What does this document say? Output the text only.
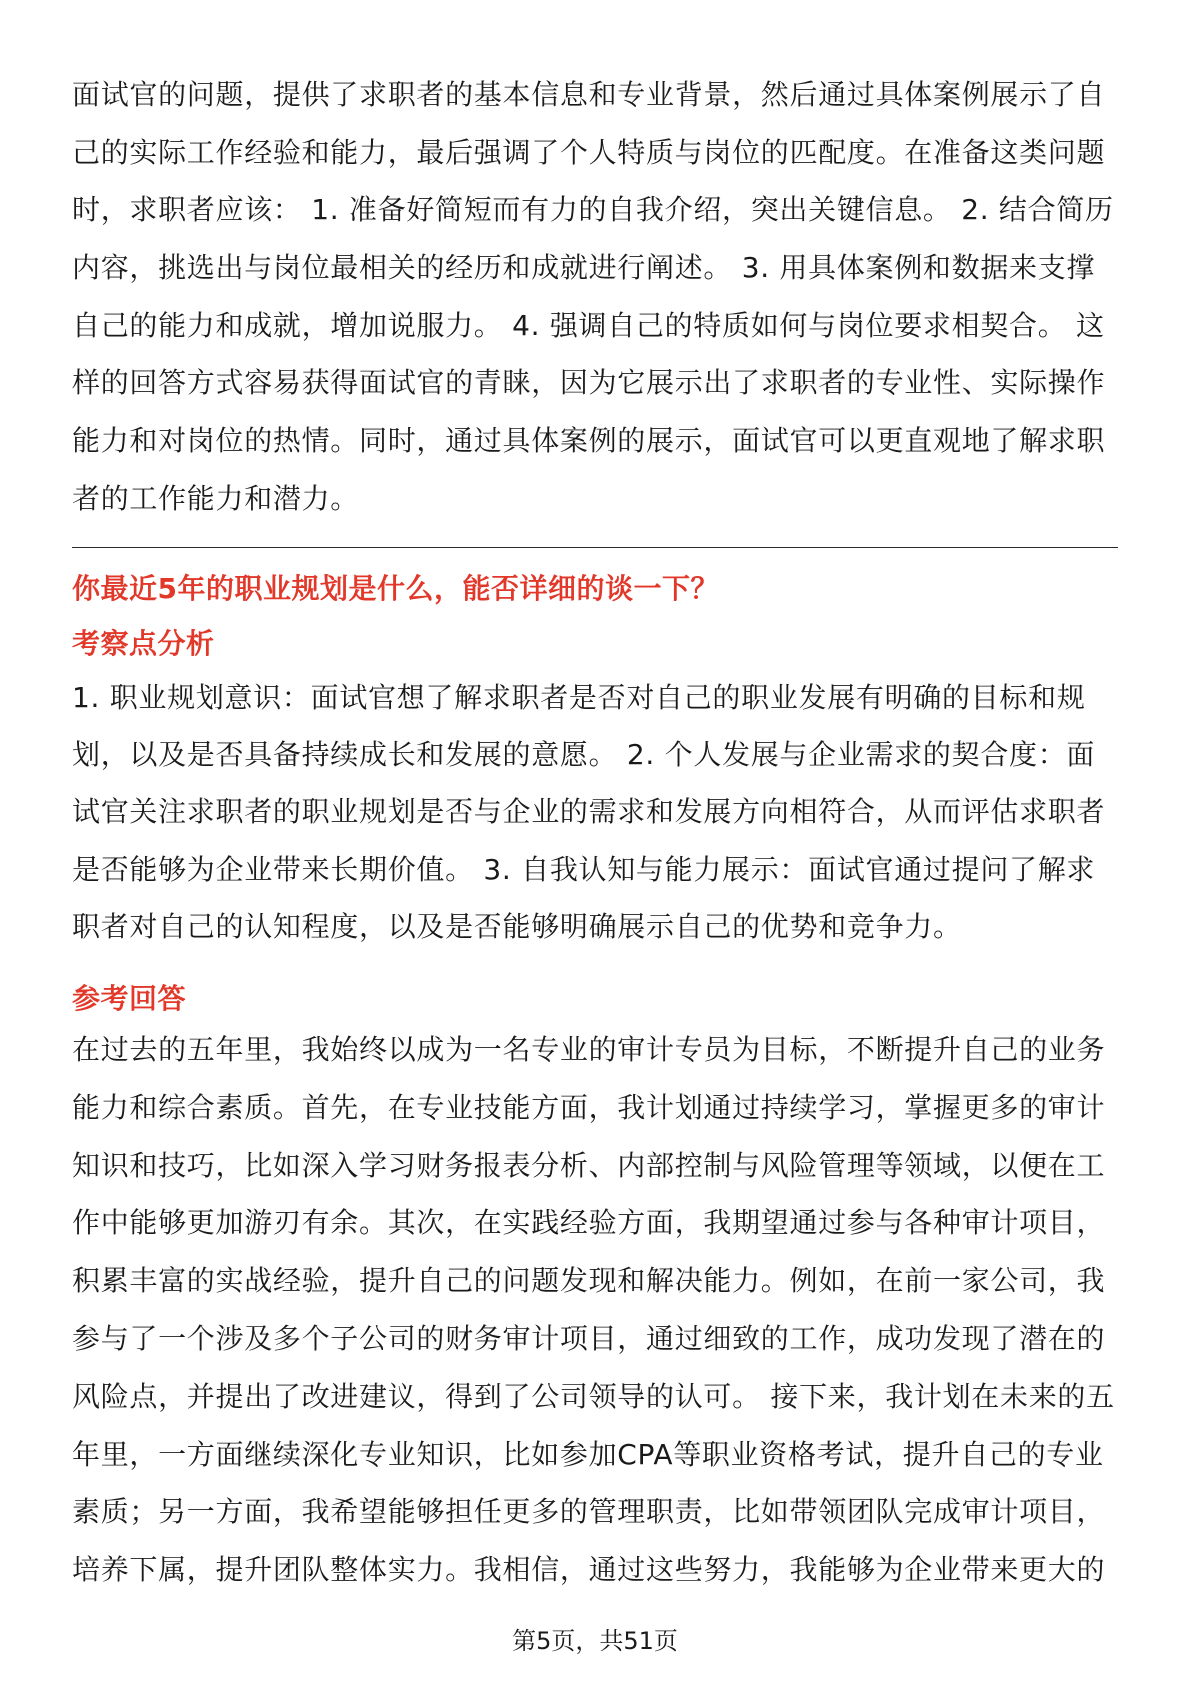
面试官的问题，提供了求职者的基本信息和专业背景，然后通过具体案例展示了自
己的实际工作经验和能力，最后强调了个人特质与岗位的匹配度。在准备这类问题
时，求职者应该： 1. 准备好简短而有力的自我介绍，突出关键信息。 2. 结合简历
内容，挑选出与岗位最相关的经历和成就进行阐述。 3. 用具体案例和数据来支撑
自己的能力和成就，增加说服力。 4. 强调自己的特质如何与岗位要求相契合。 这
样的回答方式容易获得面试官的青睐，因为它展示出了求职者的专业性、实际操作
能力和对岗位的热情。同时，通过具体案例的展示，面试官可以更直观地了解求职
者的工作能力和潜力。
你最近5年的职业规划是什么，能否详细的谈一下？
考察点分析
1. 职业规划意识：面试官想了解求职者是否对自己的职业发展有明确的目标和规
划，以及是否具备持续成长和发展的意愿。 2. 个人发展与企业需求的契合度：面
试官关注求职者的职业规划是否与企业的需求和发展方向相符合，从而评估求职者
是否能够为企业带来长期价值。 3. 自我认知与能力展示：面试官通过提问了解求
职者对自己的认知程度，以及是否能够明确展示自己的优势和竞争力。
参考回答
在过去的五年里，我始终以成为一名专业的审计专员为目标，不断提升自己的业务
能力和综合素质。首先，在专业技能方面，我计划通过持续学习，掌握更多的审计
知识和技巧，比如深入学习财务报表分析、内部控制与风险管理等领域，以便在工
作中能够更加游刃有余。其次，在实践经验方面，我期望通过参与各种审计项目，
积累丰富的实战经验，提升自己的问题发现和解决能力。例如，在前一家公司，我
参与了一个涉及多个子公司的财务审计项目，通过细致的工作，成功发现了潜在的
风险点，并提出了改进建议，得到了公司领导的认可。 接下来，我计划在未来的五
年里，一方面继续深化专业知识，比如参加CPA等职业资格考试，提升自己的专业
素质；另一方面，我希望能够担任更多的管理职责，比如带领团队完成审计项目，
培养下属，提升团队整体实力。我相信，通过这些努力，我能够为企业带来更大的
第5页，共51页
